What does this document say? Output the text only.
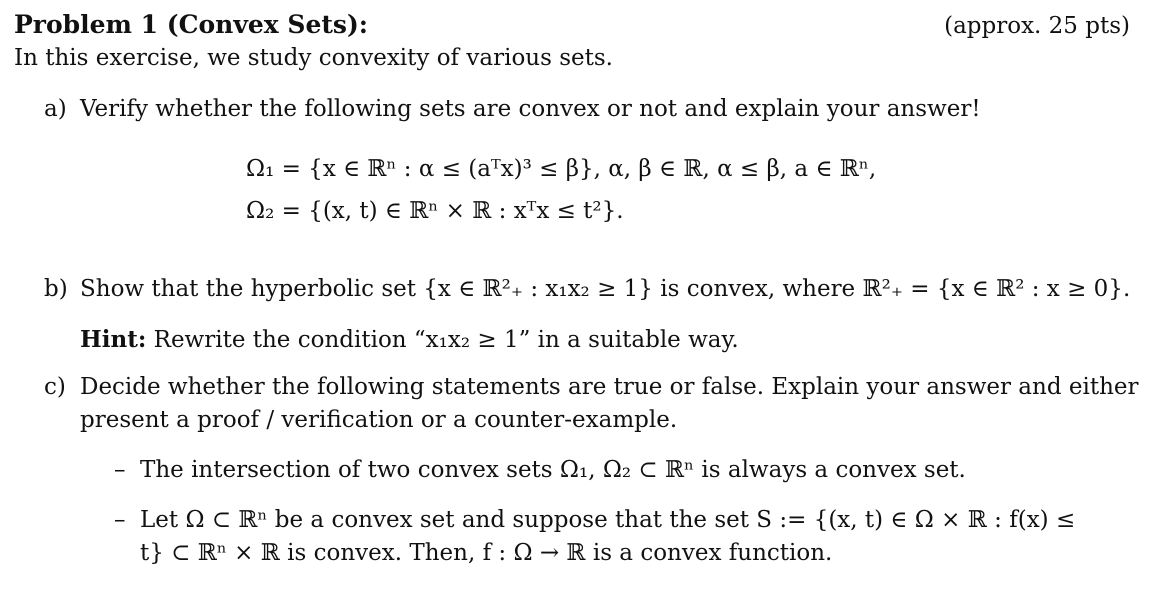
Problem 1 (Convex Sets):	(approx. 25 pts)
In this exercise, we study convexity of various sets.
a) Verify whether the following sets are convex or not and explain your answer!
Ω₁ = {x ∈ ℝⁿ : α ≤ (aᵀx)³ ≤ β}, α, β ∈ ℝ, α ≤ β, a ∈ ℝⁿ,
Ω₂ = {(x, t) ∈ ℝⁿ × ℝ : xᵀx ≤ t²}.
b) Show that the hyperbolic set {x ∈ ℝ²₊ : x₁x₂ ≥ 1} is convex, where ℝ²₊ = {x ∈ ℝ² : x ≥ 0}.
Hint: Rewrite the condition “x₁x₂ ≥ 1” in a suitable way.
c) Decide whether the following statements are true or false. Explain your answer and either
present a proof / verification or a counter-example.
– The intersection of two convex sets Ω₁, Ω₂ ⊂ ℝⁿ is always a convex set.
– Let Ω ⊂ ℝⁿ be a convex set and suppose that the set S := {(x, t) ∈ Ω × ℝ : f(x) ≤
t} ⊂ ℝⁿ × ℝ is convex. Then, f : Ω → ℝ is a convex function.
